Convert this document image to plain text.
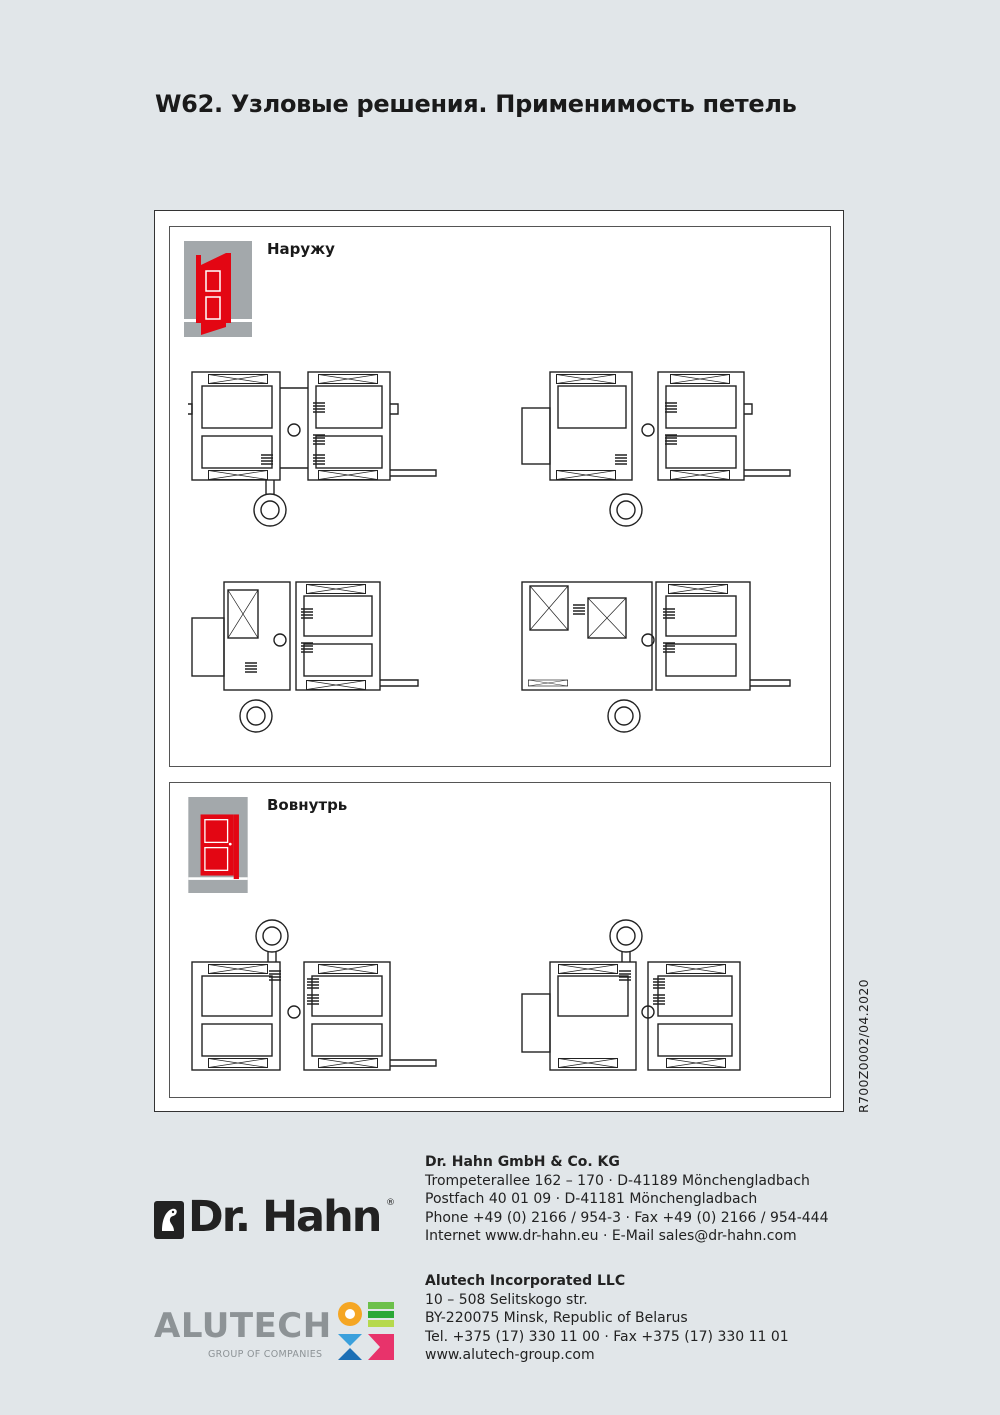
W62. Узловые решения. Применимость петель
Наружу
Вовнутрь
R700Z0002/04.2020
Dr. Hahn ®
ALUTECH
GROUP OF COMPANIES
Dr. Hahn GmbH & Co. KG
Trompeterallee 162 – 170 · D-41189 Mönchengladbach
Postfach 40 01 09 · D-41181 Mönchengladbach
Phone +49 (0) 2166 / 954-3 · Fax +49 (0) 2166 / 954-444
Internet www.dr-hahn.eu · E-Mail sales@dr-hahn.com
Alutech Incorporated LLC
10 – 508 Selitskogo str.
BY-220075 Minsk, Republic of Belarus
Tel. +375 (17) 330 11 00 · Fax +375 (17) 330 11 01
www.alutech-group.com
